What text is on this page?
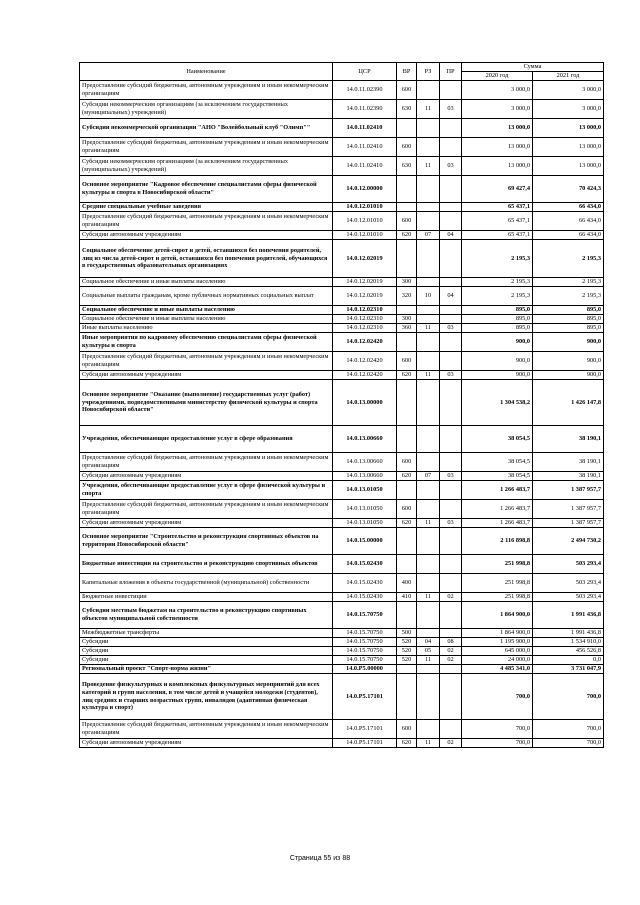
Наименование	ЦСР	ВР	РЗ	ПР	Сумма	
					2020 год	2021 год
Предоставление субсидий бюджетным, автономным учреждениям и иным некоммерческим организациям	14.0.11.02390	600			3 000,0	3 000,0
Субсидии некоммерческим организациям (за исключением государственных (муниципальных) учреждений)	14.0.11.02390	630	11	03	3 000,0	3 000,0
Субсидии некоммерческой организации "АНО "Волейбольный клуб "Олимп""	14.0.11.02410				13 000,0	13 000,0
Предоставление субсидий бюджетным, автономным учреждениям и иным некоммерческим организациям	14.0.11.02410	600			13 000,0	13 000,0
Субсидии некоммерческим организациям (за исключением государственных (муниципальных) учреждений)	14.0.11.02410	630	11	03	13 000,0	13 000,0
Основное мероприятие "Кадровое обеспечение специалистами сферы физической культуры и спорта в Новосибирской области"	14.0.12.00000				69 427,4	70 424,3
Средние специальные учебные заведения	14.0.12.01010				65 437,1	66 434,0
Предоставление субсидий бюджетным, автономным учреждениям и иным некоммерческим организациям	14.0.12.01010	600			65 437,1	66 434,0
Субсидии автономным учреждениям	14.0.12.01010	620	07	04	65 437,1	66 434,0
Социальное обеспечение детей-сирот и детей, оставшихся без попечения родителей, лиц из числа детей-сирот и детей, оставшихся без попечения родителей, обучающихся в государственных образовательных организациях	14.0.12.02019				2 195,3	2 195,3
Социальное обеспечение и иные выплаты населению	14.0.12.02019	300			2 195,3	2 195,3
Социальные выплаты гражданам, кроме публичных нормативных социальных выплат	14.0.12.02019	320	10	04	2 195,3	2 195,3
Социальное обеспечение и иные выплаты населению	14.0.12.02310				895,0	895,0
Социальное обеспечение и иные выплаты населению	14.0.12.02310	300			895,0	895,0
Иные выплаты населению	14.0.12.02310	360	11	03	895,0	895,0
Иные мероприятия по кадровому обеспечению специалистами сферы физической культуры и спорта	14.0.12.02420				900,0	900,0
Предоставление субсидий бюджетным, автономным учреждениям и иным некоммерческим организациям	14.0.12.02420	600			900,0	900,0
Субсидии автономным учреждениям	14.0.12.02420	620	11	03	900,0	900,0
Основное мероприятие "Оказание (выполнение) государственных услуг (работ) учреждениями, подведомственными министерству физической культуры и спорта Новосибирской области"	14.0.13.00000				1 304 538,2	1 426 147,8
Учреждения, обеспечивающие предоставление услуг в сфере образования	14.0.13.00660				38 054,5	38 190,1
Предоставление субсидий бюджетным, автономным учреждениям и иным некоммерческим организациям	14.0.13.00660	600			38 054,5	38 190,1
Субсидии автономным учреждениям	14.0.13.00660	620	07	03	38 054,5	38 190,1
Учреждения, обеспечивающие предоставление услуг в сфере физической культуры и спорта	14.0.13.01050				1 266 483,7	1 387 957,7
Предоставление субсидий бюджетным, автономным учреждениям и иным некоммерческим организациям	14.0.13.01050	600			1 266 483,7	1 387 957,7
Субсидии автономным учреждениям	14.0.13.01050	620	11	03	1 266 483,7	1 387 957,7
Основное мероприятие "Строительство и реконструкция спортивных объектов на территории Новосибирской области"	14.0.15.00000				2 116 898,8	2 494 730,2
Бюджетные инвестиции на строительство и реконструкцию спортивных объектов	14.0.15.02430				251 998,8	503 293,4
Капитальные вложения в объекты государственной (муниципальной) собственности	14.0.15.02430	400			251 998,8	503 293,4
Бюджетные инвестиции	14.0.15.02430	410	11	02	251 998,8	503 293,4
Субсидии местным бюджетам на строительство и реконструкцию спортивных объектов муниципальной собственности	14.0.15.70750				1 864 900,0	1 991 436,8
Межбюджетные трансферты	14.0.15.70750	500			1 864 900,0	1 991 436,8
Субсидии	14.0.15.70750	520	04	08	1 195 900,0	1 534 910,0
Субсидии	14.0.15.70750	520	05	02	645 000,0	456 526,8
Субсидии	14.0.15.70750	520	11	02	24 000,0	0,0
Региональный проект "Спорт-норма жизни"	14.0.P5.00000				4 485 341,0	3 731 047,9
Проведение физкультурных и комплексных физкультурных мероприятий для всех категорий и групп населения, в том числе детей и учащейся молодежи (студентов), лиц средних и старших возрастных групп, инвалидов (адаптивная физическая культура и спорт)	14.0.P5.17101				700,0	700,0
Предоставление субсидий бюджетным, автономным учреждениям и иным некоммерческим организациям	14.0.P5.17101	600			700,0	700,0
Субсидии автономным учреждениям	14.0.P5.17101	620	11	02	700,0	700,0
Страница 55 из 88
